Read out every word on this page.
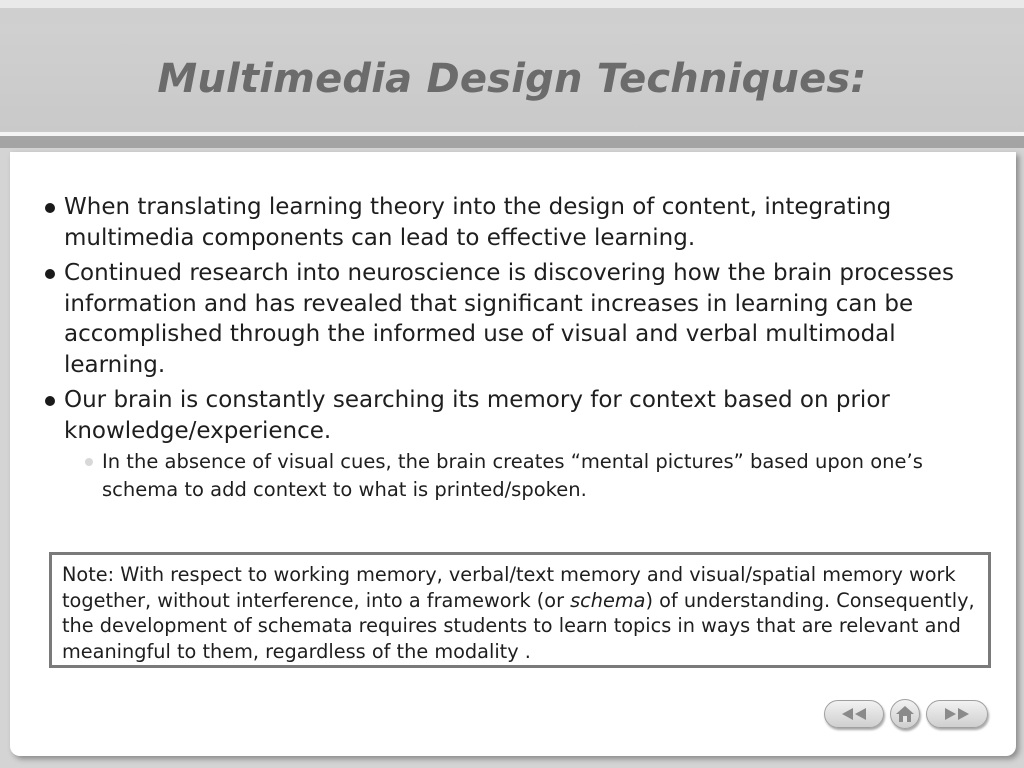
Multimedia Design Techniques:
When translating learning theory into the design of content, integrating multimedia components can lead to effective learning.
Continued research into neuroscience is discovering how the brain processes information and has revealed that significant increases in learning can be accomplished through the informed use of visual and verbal multimodal learning.
Our brain is constantly searching its memory for context based on prior knowledge/experience.
In the absence of visual cues, the brain creates “mental pictures” based upon one’s schema to add context to what is printed/spoken.
Note: With respect to working memory, verbal/text memory and visual/spatial memory work together, without interference, into a framework (or schema) of understanding. Consequently, the development of schemata requires students to learn topics in ways that are relevant and meaningful to them, regardless of the modality .
